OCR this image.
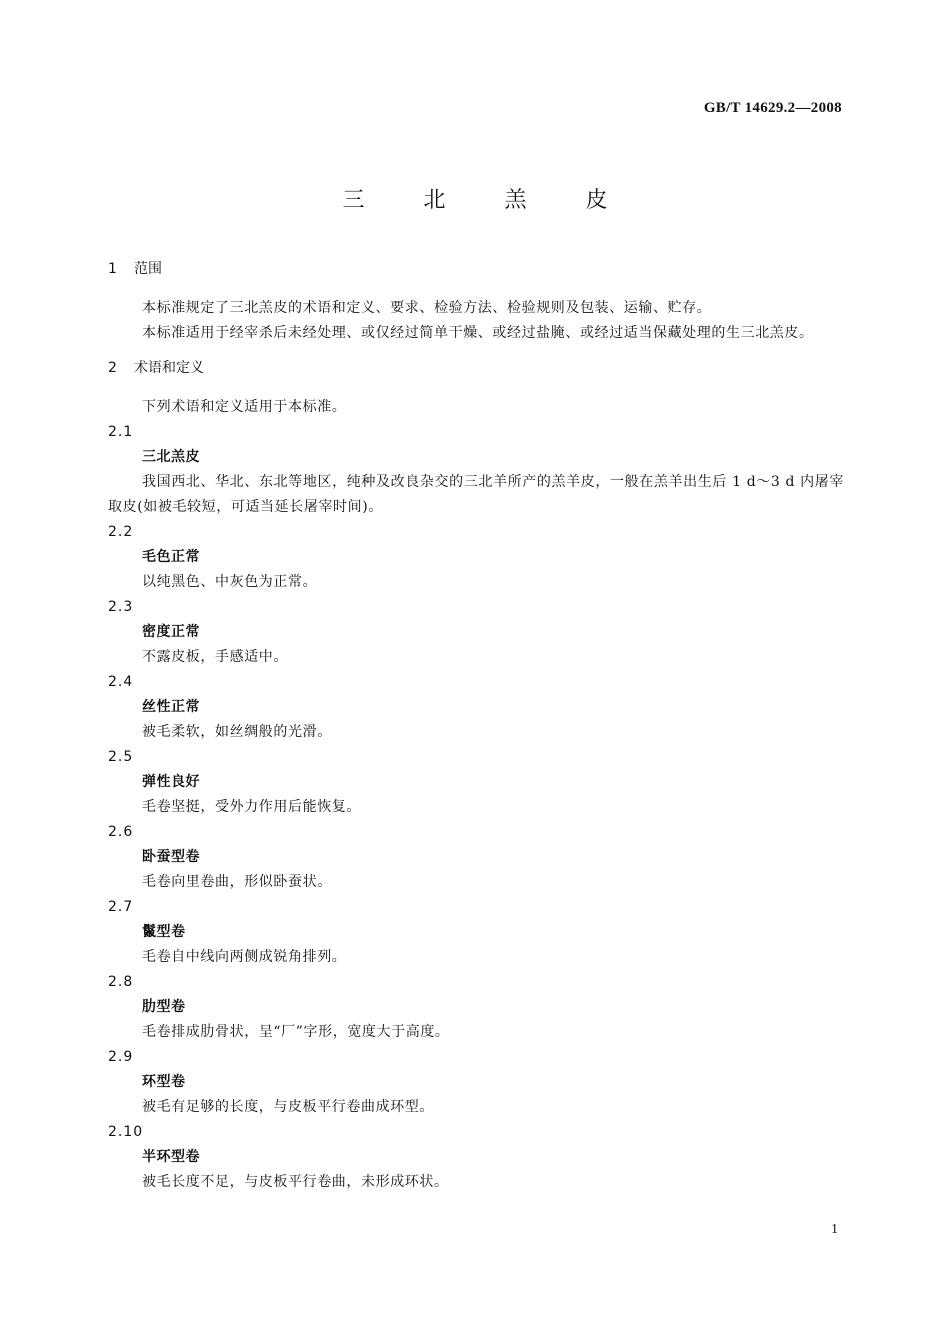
GB/T 14629.2—2008
三 北 羔 皮
1 范围
本标准规定了三北羔皮的术语和定义、要求、检验方法、检验规则及包装、运输、贮存。
本标准适用于经宰杀后未经处理、或仅经过简单干燥、或经过盐腌、或经过适当保藏处理的生三北羔皮。
2 术语和定义
下列术语和定义适用于本标准。
2.1
三北羔皮
我国西北、华北、东北等地区，纯种及改良杂交的三北羊所产的羔羊皮，一般在羔羊出生后 1 d～3 d 内屠宰取皮(如被毛较短，可适当延长屠宰时间)。
2.2
毛色正常
以纯黑色、中灰色为正常。
2.3
密度正常
不露皮板，手感适中。
2.4
丝性正常
被毛柔软，如丝绸般的光滑。
2.5
弹性良好
毛卷坚挺，受外力作用后能恢复。
2.6
卧蚕型卷
毛卷向里卷曲，形似卧蚕状。
2.7
鬣型卷
毛卷自中线向两侧成锐角排列。
2.8
肋型卷
毛卷排成肋骨状，呈“厂”字形，宽度大于高度。
2.9
环型卷
被毛有足够的长度，与皮板平行卷曲成环型。
2.10
半环型卷
被毛长度不足，与皮板平行卷曲，未形成环状。
1
